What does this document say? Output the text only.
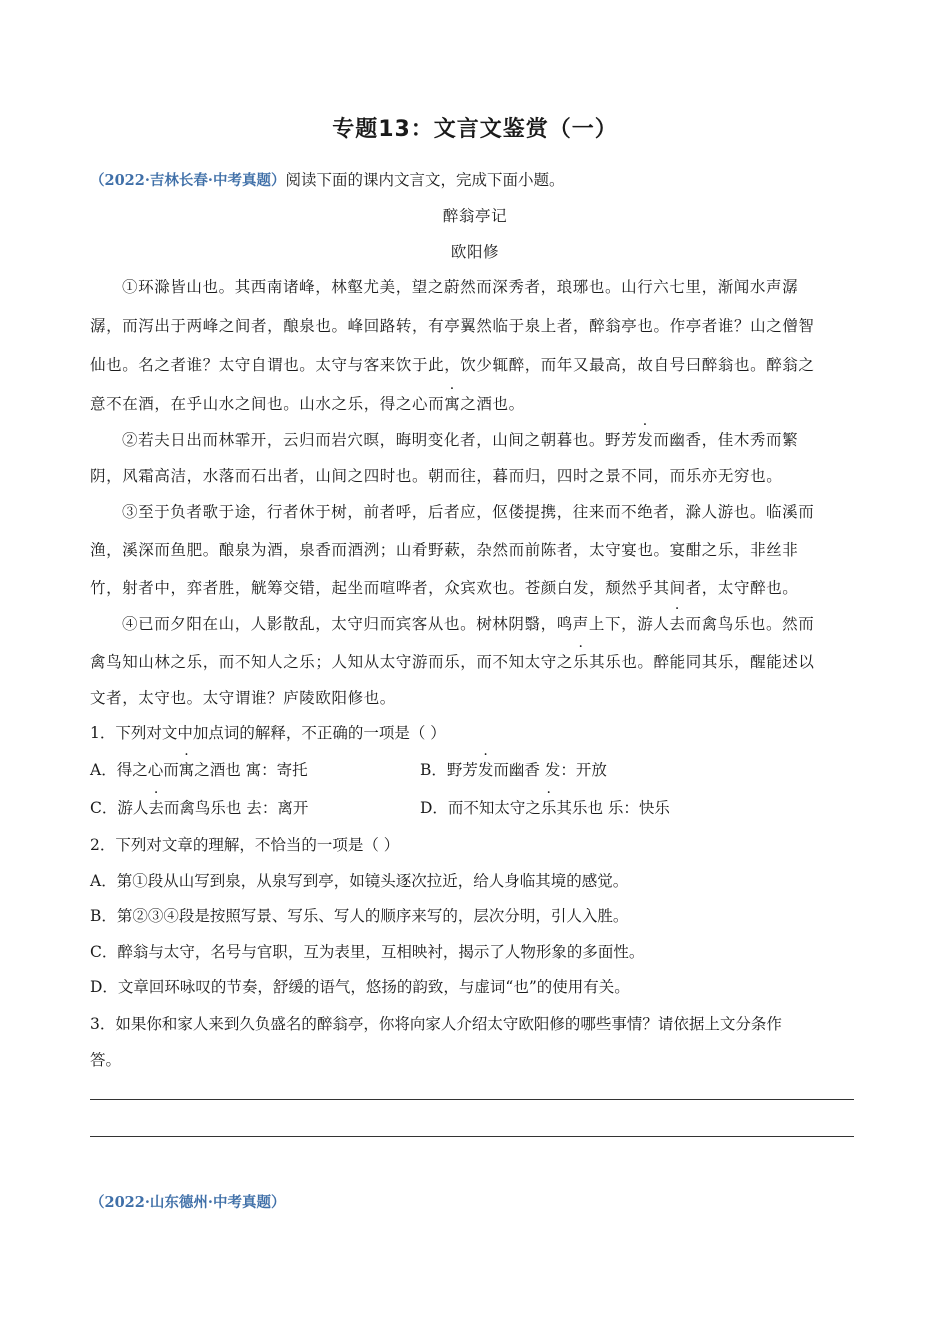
专题13：文言文鉴赏（一）
（2022·吉林长春·中考真题）阅读下面的课内文言文，完成下面小题。
醉翁亭记
欧阳修
①环滁皆山也。其西南诸峰，林壑尤美，望之蔚然而深秀者，琅琊也。山行六七里，渐闻水声潺
潺，而泻出于两峰之间者，酿泉也。峰回路转，有亭翼然临于泉上者，醉翁亭也。作亭者谁？山之僧智
仙也。名之者谁？太守自谓也。太守与客来饮于此，饮少辄醉，而年又最高，故自号曰醉翁也。醉翁之
意不在酒，在乎山水之间也。山水之乐，得之心而寓之酒也。
②若夫日出而林霏开，云归而岩穴暝，晦明变化者，山间之朝暮也。野芳发而幽香，佳木秀而繁
阴，风霜高洁，水落而石出者，山间之四时也。朝而往，暮而归，四时之景不同，而乐亦无穷也。
③至于负者歌于途，行者休于树，前者呼，后者应，伛偻提携，往来而不绝者，滁人游也。临溪而
渔，溪深而鱼肥。酿泉为酒，泉香而酒洌；山肴野蔌，杂然而前陈者，太守宴也。宴酣之乐，非丝非
竹，射者中，弈者胜，觥筹交错，起坐而喧哗者，众宾欢也。苍颜白发，颓然乎其间者，太守醉也。
④已而夕阳在山，人影散乱，太守归而宾客从也。树林阴翳，鸣声上下，游人去而禽鸟乐也。然而
禽鸟知山林之乐，而不知人之乐；人知从太守游而乐，而不知太守之乐其乐也。醉能同其乐，醒能述以
文者，太守也。太守谓谁？庐陵欧阳修也。
1．下列对文中加点词的解释，不正确的一项是（ ）
A．得之心而寓之酒也 寓：寄托	B．野芳发而幽香 发：开放
C．游人去而禽鸟乐也 去：离开	D．而不知太守之乐其乐也 乐：快乐
2．下列对文章的理解，不恰当的一项是（ ）
A．第①段从山写到泉，从泉写到亭，如镜头逐次拉近，给人身临其境的感觉。
B．第②③④段是按照写景、写乐、写人的顺序来写的，层次分明，引人入胜。
C．醉翁与太守，名号与官职，互为表里，互相映衬，揭示了人物形象的多面性。
D．文章回环咏叹的节奏，舒缓的语气，悠扬的韵致，与虚词“也”的使用有关。
3．如果你和家人来到久负盛名的醉翁亭，你将向家人介绍太守欧阳修的哪些事情？请依据上文分条作
答。
（2022·山东德州·中考真题）
